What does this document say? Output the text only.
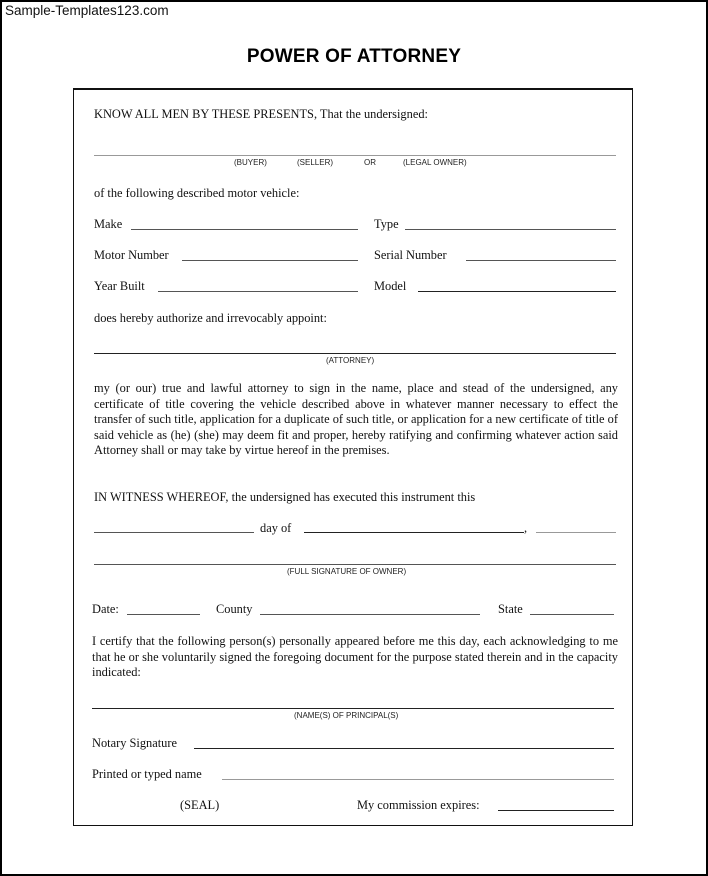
Sample-Templates123.com
POWER OF ATTORNEY
KNOW ALL MEN BY THESE PRESENTS, That the undersigned:
(BUYER)	(SELLER)	OR	(LEGAL OWNER)
of the following described motor vehicle:
Make	Type
Motor Number	Serial Number
Year Built	Model
does hereby authorize and irrevocably appoint:
(ATTORNEY)
my (or our) true and lawful attorney to sign in the name, place and stead of the undersigned, any certificate of title covering the vehicle described above in whatever manner necessary to effect the transfer of such title, application for a duplicate of such title, or application for a new certificate of title of said vehicle as (he) (she) may deem fit and proper, hereby ratifying and confirming whatever action said Attorney shall or may take by virtue hereof in the premises.
IN WITNESS WHEREOF, the undersigned has executed this instrument this
day of	,
(FULL SIGNATURE OF OWNER)
Date:	County	State
I certify that the following person(s) personally appeared before me this day, each acknowledging to me that he or she voluntarily signed the foregoing document for the purpose stated therein and in the capacity indicated:
(NAME(S) OF PRINCIPAL(S)
Notary Signature
Printed or typed name
(SEAL)	My commission expires:
